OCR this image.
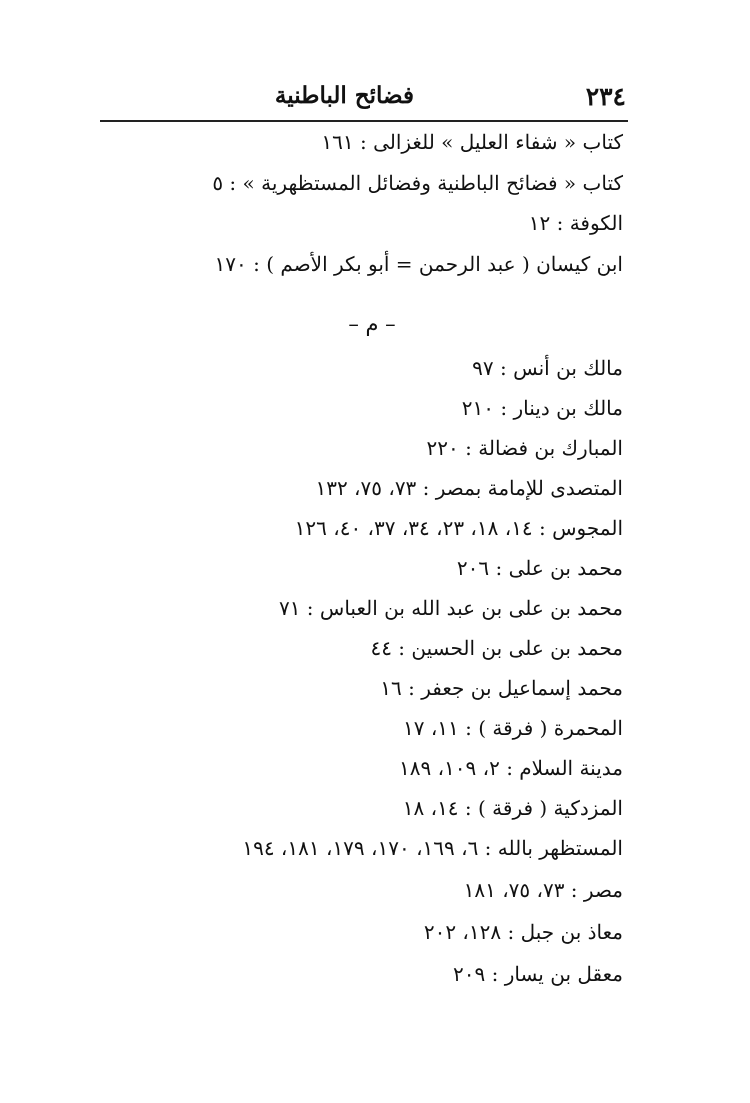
٢٣٤
فضائح الباطنية
كتاب « شفاء العليل » للغزالى : ١٦١
كتاب « فضائح الباطنية وفضائل المستظهرية » : ٥
الكوفة : ١٢
ابن كيسان ( عبد الرحمن = أبو بكر الأصم ) : ١٧٠
– م –
مالك بن أنس : ٩٧
مالك بن دينار : ٢١٠
المبارك بن فضالة : ٢٢٠
المتصدى للإمامة بمصر : ٧٣، ٧٥، ١٣٢
المجوس : ١٤، ١٨، ٢٣، ٣٤، ٣٧، ٤٠، ١٢٦
محمد بن على : ٢٠٦
محمد بن على بن عبد الله بن العباس : ٧١
محمد بن على بن الحسين : ٤٤
محمد إسماعيل بن جعفر : ١٦
المحمرة ( فرقة ) : ١١، ١٧
مدينة السلام : ٢، ١٠٩، ١٨٩
المزدكية ( فرقة ) : ١٤، ١٨
المستظهر بالله : ٦، ١٦٩، ١٧٠، ١٧٩، ١٨١، ١٩٤
مصر : ٧٣، ٧٥، ١٨١
معاذ بن جبل : ١٢٨، ٢٠٢
معقل بن يسار : ٢٠٩
